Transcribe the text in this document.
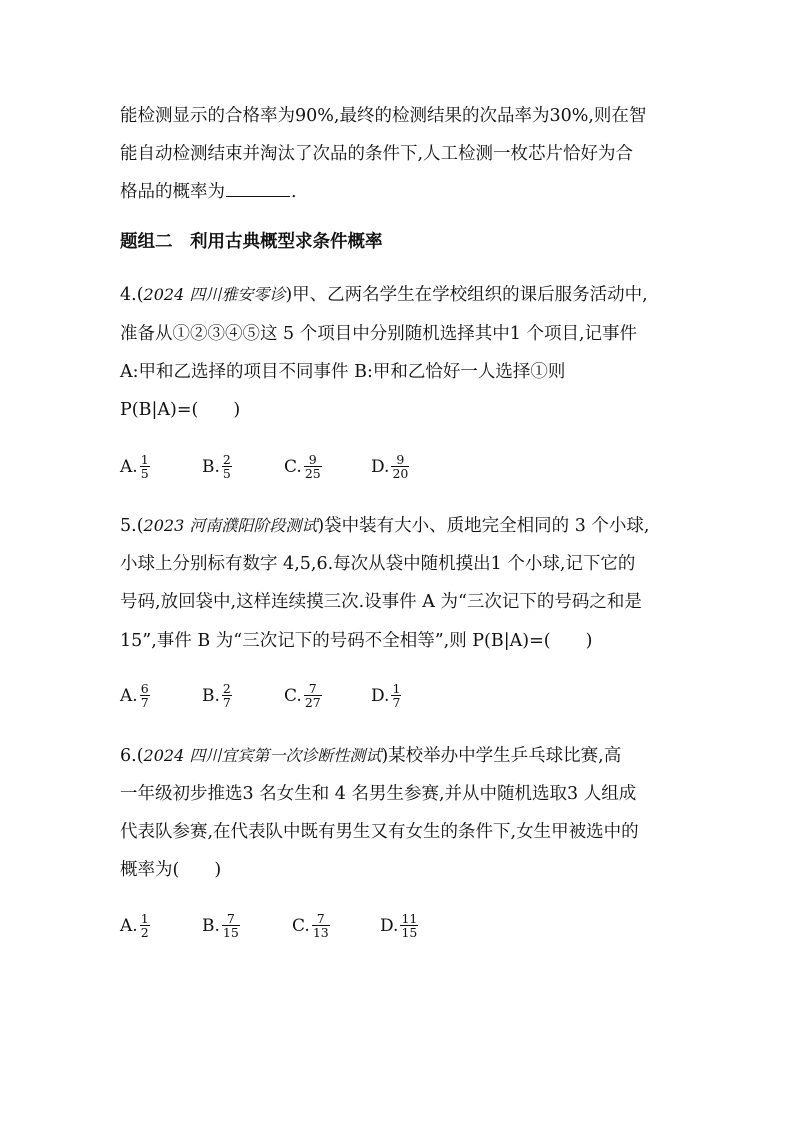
能检测显示的合格率为90%,最终的检测结果的次品率为30%,则在智
能自动检测结束并淘汰了次品的条件下,人工检测一枚芯片恰好为合
格品的概率为	.
题组二　利用古典概型求条件概率
4.(2024 四川雅安零诊)甲、乙两名学生在学校组织的课后服务活动中,
准备从①②③④⑤这 5 个项目中分别随机选择其中1 个项目,记事件
A:甲和乙选择的项目不同事件 B:甲和乙恰好一人选择①则
P(B|A)=(　　)
A. $\frac{1}{5}$	B. $\frac{2}{5}$	C. $\frac{9}{25}$	D. $\frac{9}{20}$
5.(2023 河南濮阳阶段测试)袋中装有大小、质地完全相同的 3 个小球,
小球上分别标有数字 4,5,6.每次从袋中随机摸出1 个小球,记下它的
号码,放回袋中,这样连续摸三次.设事件 A 为“三次记下的号码之和是
15”,事件 B 为“三次记下的号码不全相等”,则 P(B|A)=(　　)
A. $\frac{6}{7}$	B. $\frac{2}{7}$	C. $\frac{7}{27}$	D. $\frac{1}{7}$
6.(2024 四川宜宾第一次诊断性测试)某校举办中学生乒乓球比赛,高
一年级初步推选3 名女生和 4 名男生参赛,并从中随机选取3 人组成
代表队参赛,在代表队中既有男生又有女生的条件下,女生甲被选中的
概率为(　　)
A. $\frac{1}{2}$	B. $\frac{7}{15}$	C. $\frac{7}{13}$	D. $\frac{11}{15}$
